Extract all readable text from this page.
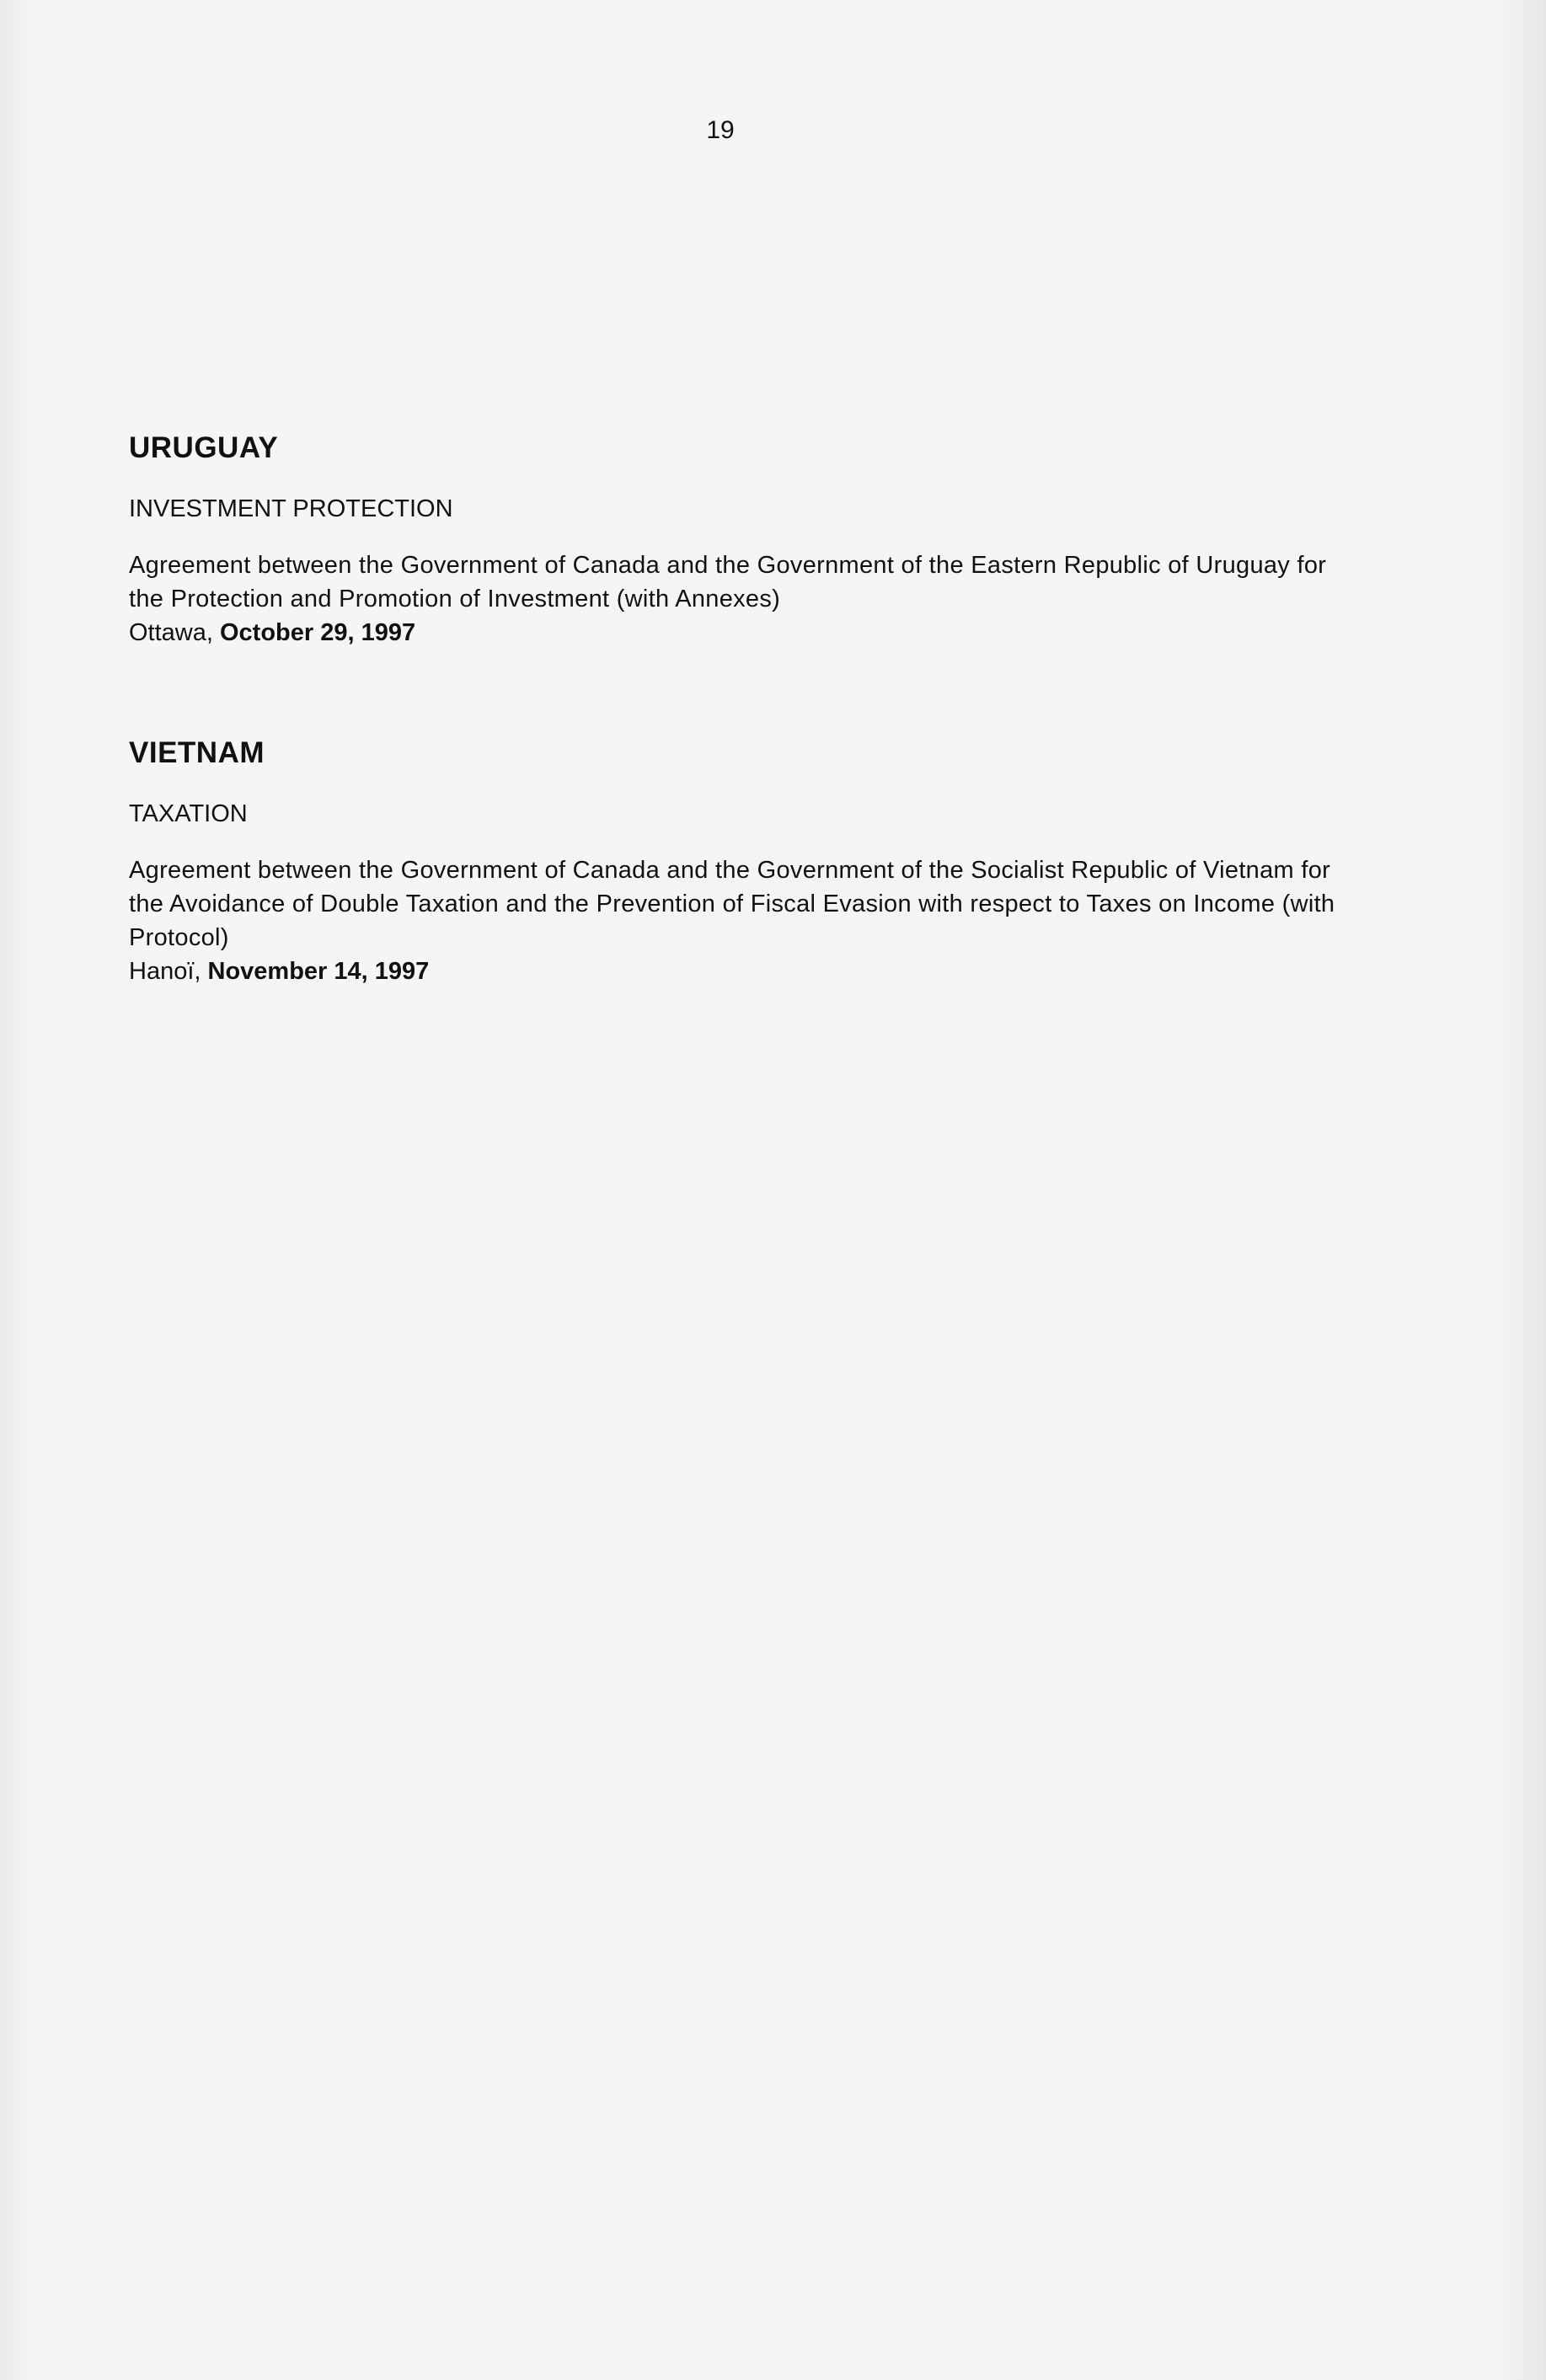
19
URUGUAY
INVESTMENT PROTECTION
Agreement between the Government of Canada and the Government of the Eastern Republic of Uruguay for the Protection and Promotion of Investment (with Annexes)
Ottawa, October 29, 1997
VIETNAM
TAXATION
Agreement between the Government of Canada and the Government of the Socialist Republic of Vietnam for the Avoidance of Double Taxation and the Prevention of Fiscal Evasion with respect to Taxes on Income (with Protocol)
Hanoï, November 14, 1997
